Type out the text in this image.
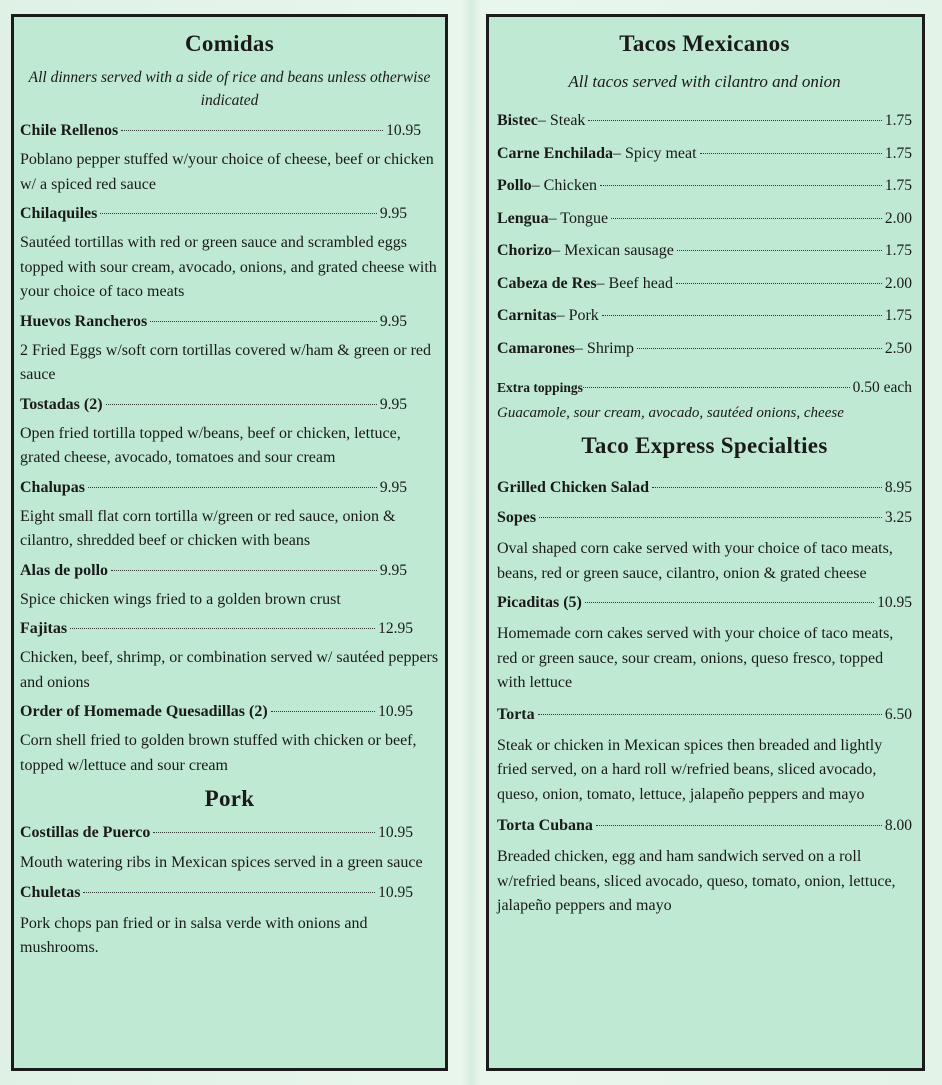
Comidas
All dinners served with a side of rice and beans unless otherwise indicated
Chile Rellenos	10.95
Poblano pepper stuffed w/your choice of cheese, beef or chicken w/ a spiced red sauce
Chilaquiles	9.95
Sautéed tortillas with red or green sauce and scrambled eggs topped with sour cream, avocado, onions, and grated cheese with your choice of taco meats
Huevos Rancheros	9.95
2 Fried Eggs w/soft corn tortillas covered w/ham & green or red sauce
Tostadas (2)	9.95
Open fried tortilla topped w/beans, beef or chicken, lettuce, grated cheese, avocado, tomatoes and sour cream
Chalupas	9.95
Eight small flat corn tortilla w/green or red sauce, onion & cilantro, shredded beef or chicken with beans
Alas de pollo	9.95
Spice chicken wings fried to a golden brown crust
Fajitas	12.95
Chicken, beef, shrimp, or combination served w/ sautéed peppers and onions
Order of Homemade Quesadillas (2)	10.95
Corn shell fried to golden brown stuffed with chicken or beef, topped w/lettuce and sour cream
Pork
Costillas de Puerco	10.95
Mouth watering ribs in Mexican spices served in a green sauce
Chuletas	10.95
Pork chops pan fried or in salsa verde with onions and mushrooms.
Tacos Mexicanos
All tacos served with cilantro and onion
Bistec – Steak	1.75
Carne Enchilada – Spicy meat	1.75
Pollo – Chicken	1.75
Lengua – Tongue	2.00
Chorizo – Mexican sausage	1.75
Cabeza de Res – Beef head	2.00
Carnitas – Pork	1.75
Camarones – Shrimp	2.50
Extra toppings	0.50 each
Guacamole, sour cream, avocado, sautéed onions, cheese
Taco Express Specialties
Grilled Chicken Salad	8.95
Sopes	3.25
Oval shaped corn cake served with your choice of taco meats, beans, red or green sauce, cilantro, onion & grated cheese
Picaditas (5)	10.95
Homemade corn cakes served with your choice of taco meats, red or green sauce, sour cream, onions, queso fresco, topped with lettuce
Torta	6.50
Steak or chicken in Mexican spices then breaded and lightly fried served, on a hard roll w/refried beans, sliced avocado, queso, onion, tomato, lettuce, jalapeño peppers and mayo
Torta Cubana	8.00
Breaded chicken, egg and ham sandwich served on a roll w/refried beans, sliced avocado, queso, tomato, onion, lettuce, jalapeño peppers and mayo
